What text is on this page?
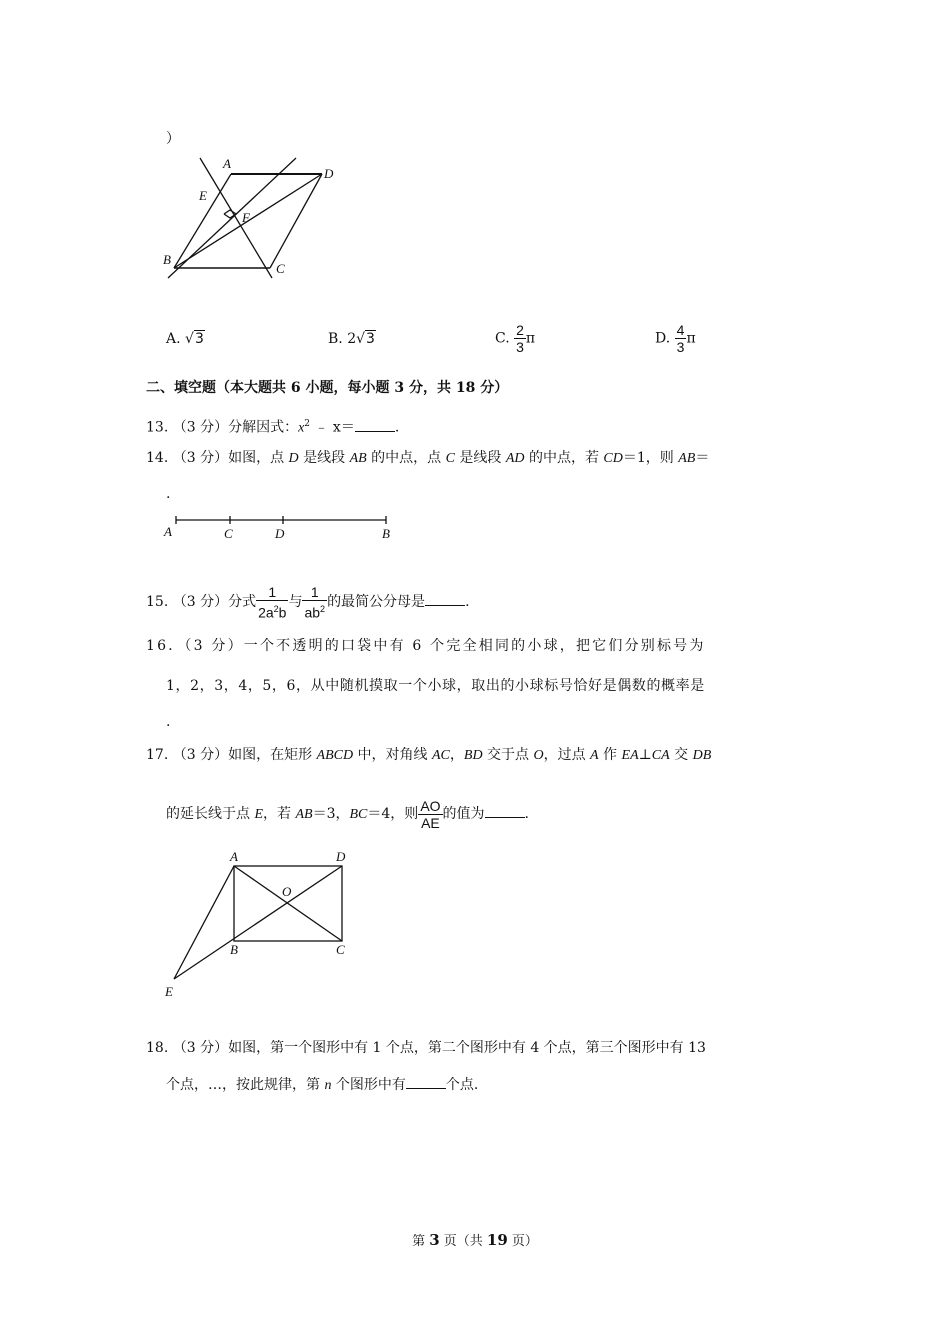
）
A
D
E
F
B
C
A. √3	B. 2√3	C. $\frac{2}{3}$ π	D. $\frac{4}{3}$ π
二、填空题（本大题共 6 小题，每小题 3 分，共 18 分）
13. （3 分）分解因式：$x^2$ ﹣ x＝	.
14. （3 分）如图，点 D 是线段 AB 的中点，点 C 是线段 AD 的中点，若 CD＝1，则 AB＝
.
A	C	D	B
15. （3 分）分式 $\frac{1}{2a^2b}$ 与 $\frac{1}{ab^2}$ 的最简公分母是	.
16．（3 分）一个不透明的口袋中有 6 个完全相同的小球，把它们分别标号为
1，2，3，4，5，6，从中随机摸取一个小球，取出的小球标号恰好是偶数的概率是
.
17. （3 分）如图，在矩形 ABCD 中，对角线 AC，BD 交于点 O，过点 A 作 EA⊥CA 交 DB
的延长线于点 E，若 AB＝3，BC＝4，则 $\frac{AO}{AE}$ 的值为	.
A	D
O
B	C
E
18. （3 分）如图，第一个图形中有 1 个点，第二个图形中有 4 个点，第三个图形中有 13
个点，…，按此规律，第 n 个图形中有	个点.
第 3 页（共 19 页）
